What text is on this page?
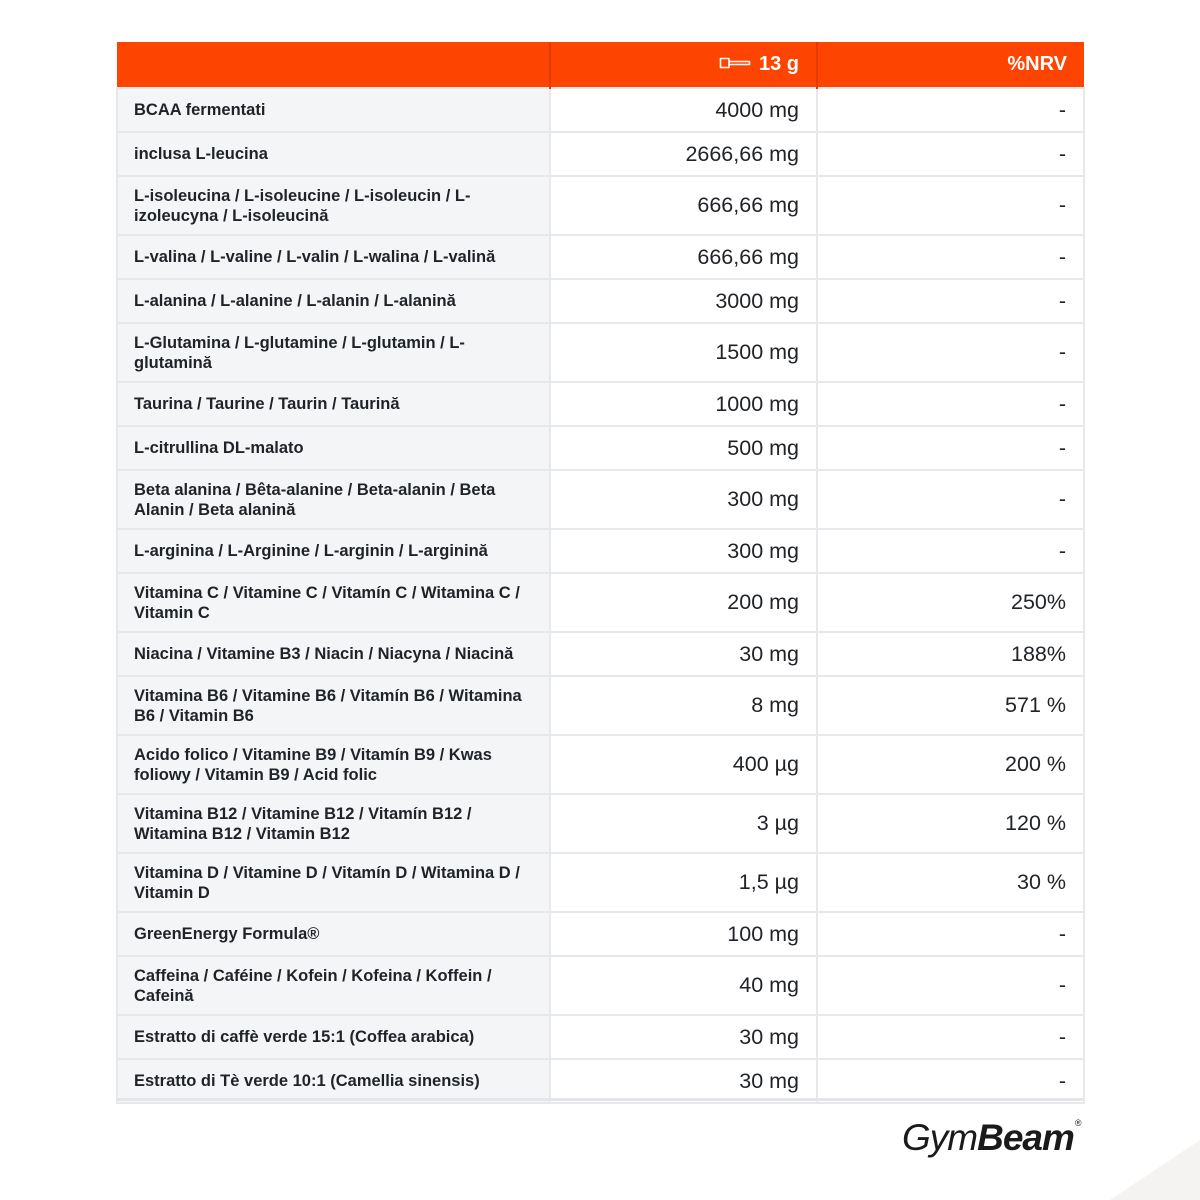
	13 g	%NRV
BCAA fermentati	4000 mg	-
inclusa L-leucina	2666,66 mg	-
L-isoleucina / L-isoleucine / L-isoleucin / L-izoleucyna / L-isoleucină	666,66 mg	-
L-valina / L-valine / L-valin / L-walina / L-valină	666,66 mg	-
L-alanina / L-alanine / L-alanin / L-alanină	3000 mg	-
L-Glutamina / L-glutamine / L-glutamin / L-glutamină	1500 mg	-
Taurina / Taurine / Taurin / Taurină	1000 mg	-
L-citrullina DL-malato	500 mg	-
Beta alanina / Bêta-alanine / Beta-alanin / Beta Alanin / Beta alanină	300 mg	-
L-arginina / L-Arginine / L-arginin / L-arginină	300 mg	-
Vitamina C / Vitamine C / Vitamín C / Witamina C / Vitamin C	200 mg	250%
Niacina / Vitamine B3 / Niacin / Niacyna / Niacină	30 mg	188%
Vitamina B6 / Vitamine B6 / Vitamín B6 / Witamina B6 / Vitamin B6	8 mg	571 %
Acido folico / Vitamine B9 / Vitamín B9 / Kwas foliowy / Vitamin B9 / Acid folic	400 µg	200 %
Vitamina B12 / Vitamine B12 / Vitamín B12 / Witamina B12 / Vitamin B12	3 µg	120 %
Vitamina D / Vitamine D / Vitamín D / Witamina D / Vitamin D	1,5 µg	30 %
GreenEnergy Formula®	100 mg	-
Caffeina / Caféine / Kofein / Kofeina / Koffein / Cafeină	40 mg	-
Estratto di caffè verde 15:1 (Coffea arabica)	30 mg	-
Estratto di Tè verde 10:1 (Camellia sinensis)	30 mg	-
GymBeam®
